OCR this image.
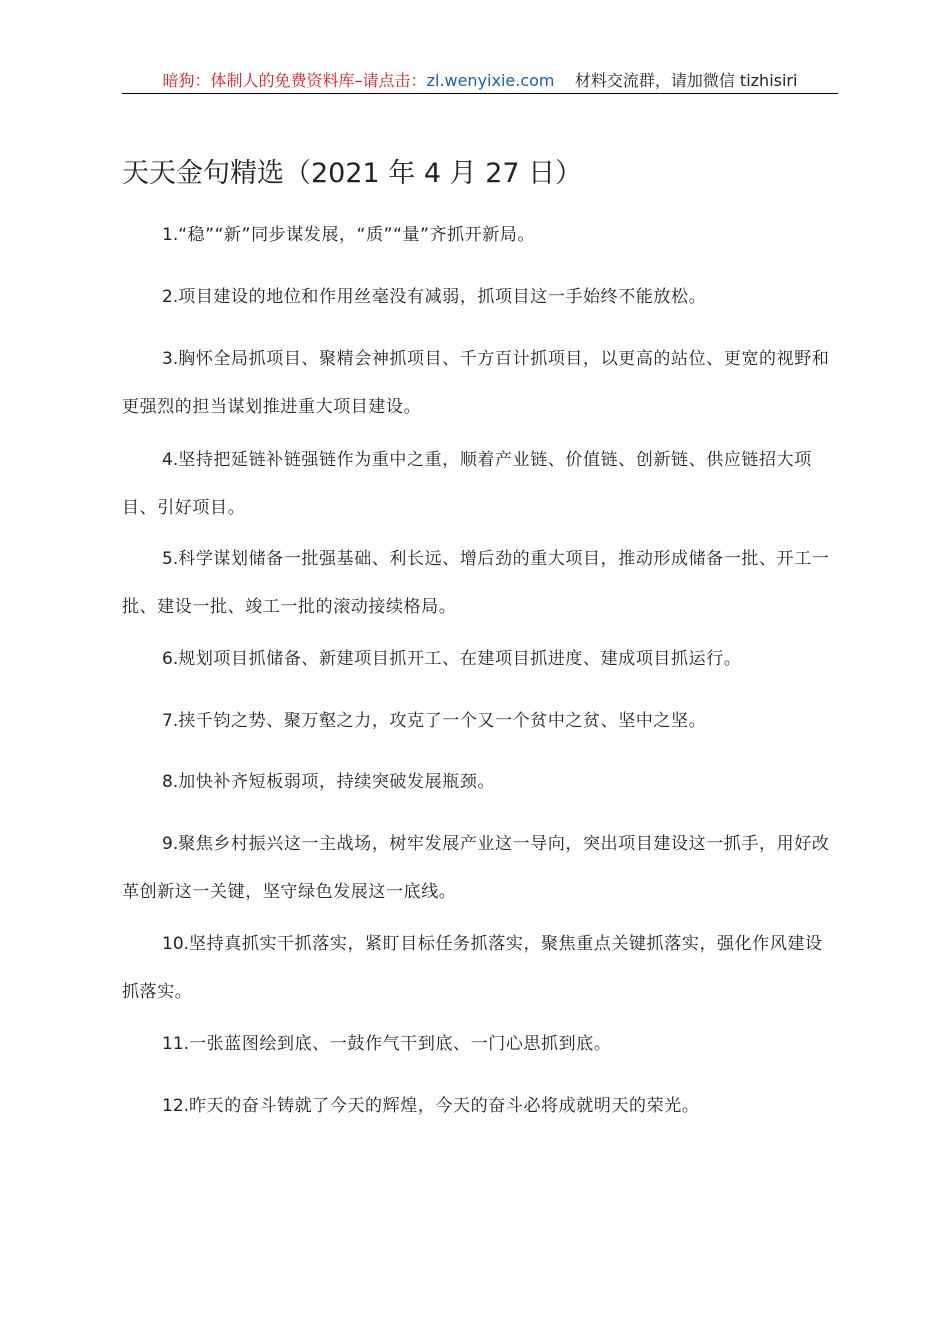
暗狗：体制人的免费资料库–请点击：zl.wenyixie.com 材料交流群，请加微信 tizhisiri
天天金句精选（2021 年 4 月 27 日）
1.“稳”“新”同步谋发展，“质”“量”齐抓开新局。
2.项目建设的地位和作用丝毫没有减弱，抓项目这一手始终不能放松。
3.胸怀全局抓项目、聚精会神抓项目、千方百计抓项目，以更高的站位、更宽的视野和更强烈的担当谋划推进重大项目建设。
4.坚持把延链补链强链作为重中之重，顺着产业链、价值链、创新链、供应链招大项目、引好项目。
5.科学谋划储备一批强基础、利长远、增后劲的重大项目，推动形成储备一批、开工一批、建设一批、竣工一批的滚动接续格局。
6.规划项目抓储备、新建项目抓开工、在建项目抓进度、建成项目抓运行。
7.挟千钧之势、聚万壑之力，攻克了一个又一个贫中之贫、坚中之坚。
8.加快补齐短板弱项，持续突破发展瓶颈。
9.聚焦乡村振兴这一主战场，树牢发展产业这一导向，突出项目建设这一抓手，用好改革创新这一关键，坚守绿色发展这一底线。
10.坚持真抓实干抓落实，紧盯目标任务抓落实，聚焦重点关键抓落实，强化作风建设抓落实。
11.一张蓝图绘到底、一鼓作气干到底、一门心思抓到底。
12.昨天的奋斗铸就了今天的辉煌，今天的奋斗必将成就明天的荣光。
